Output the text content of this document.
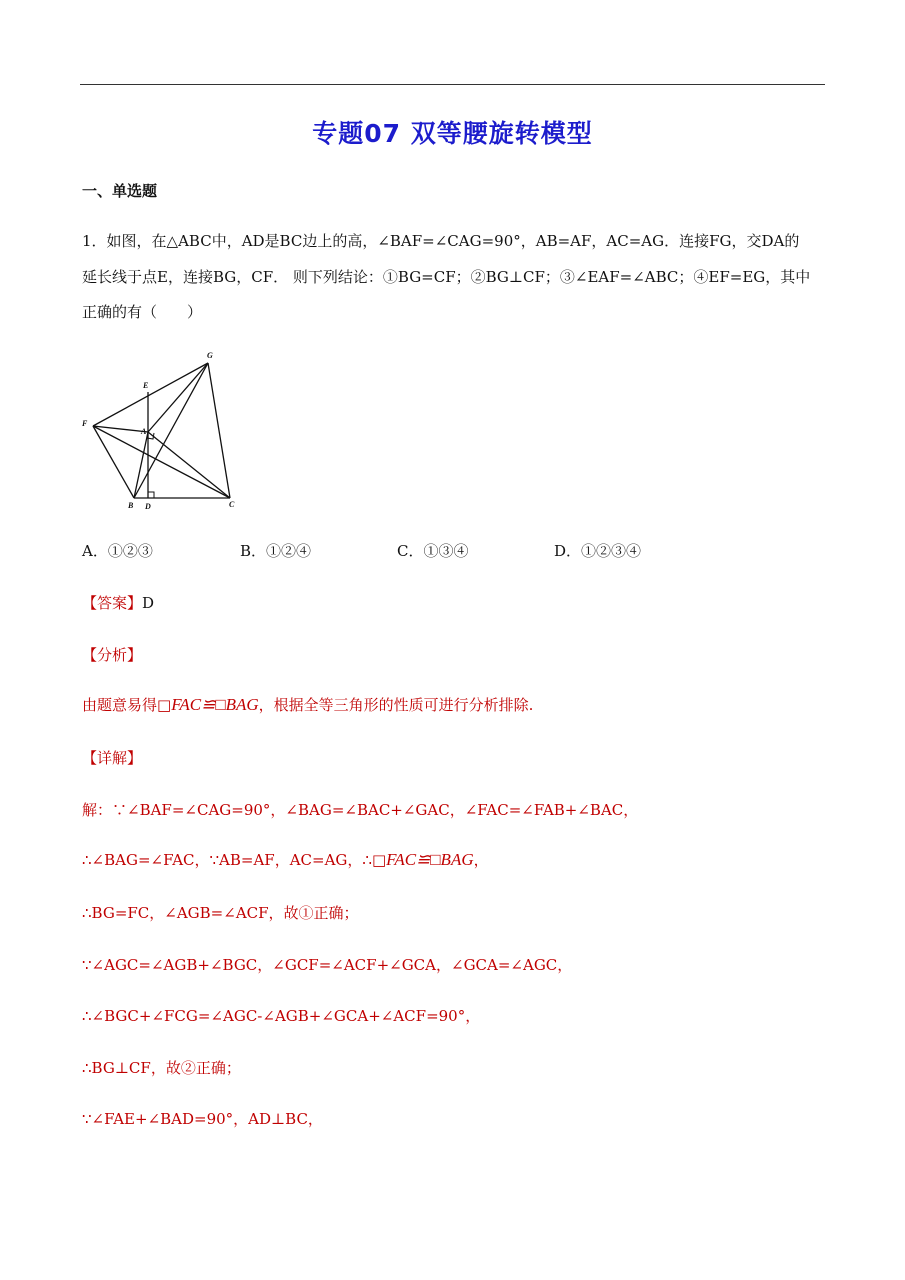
专题07 双等腰旋转模型
一、单选题
1．如图，在△ABC中，AD是BC边上的高，∠BAF=∠CAG=90°，AB=AF，AC=AG．连接FG，交DA的
延长线于点E，连接BG，CF． 则下列结论：①BG=CF；②BG⊥CF；③∠EAF=∠ABC；④EF=EG，其中
正确的有（　　）
G
E
F
A
B D	C
A．①②③	B．①②④	C．①③④	D．①②③④
【答案】D
【分析】
由题意易得□FAC≌□BAG，根据全等三角形的性质可进行分析排除.
【详解】
解：∵∠BAF=∠CAG=90°，∠BAG=∠BAC+∠GAC，∠FAC=∠FAB+∠BAC，
∴∠BAG=∠FAC，∵AB=AF，AC=AG，∴□FAC≌□BAG，
∴BG=FC，∠AGB=∠ACF，故①正确；
∵∠AGC=∠AGB+∠BGC，∠GCF=∠ACF+∠GCA，∠GCA=∠AGC，
∴∠BGC+∠FCG=∠AGC-∠AGB+∠GCA+∠ACF=90°，
∴BG⊥CF，故②正确；
∵∠FAE+∠BAD=90°，AD⊥BC，
